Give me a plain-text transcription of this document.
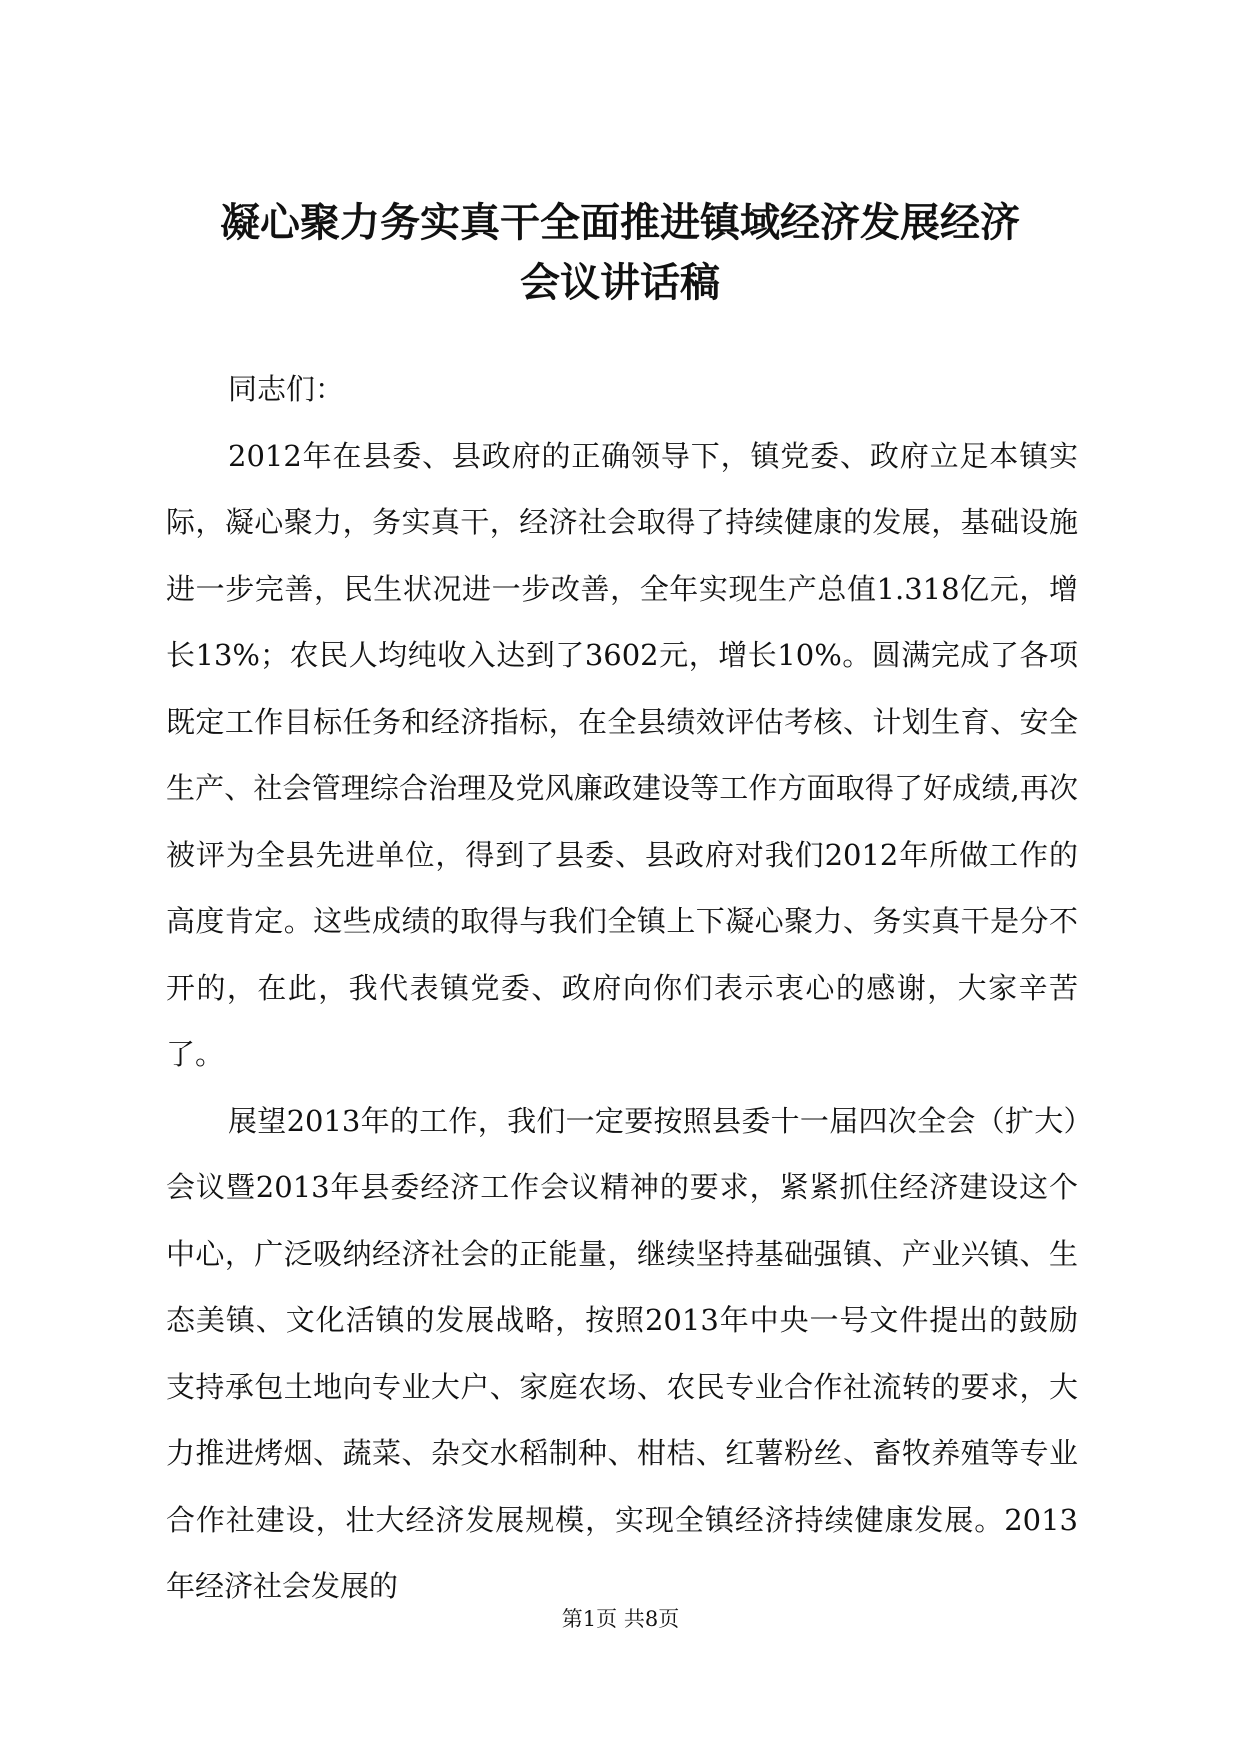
凝心聚力务实真干全面推进镇域经济发展经济
会议讲话稿

同志们：

2012年在县委、县政府的正确领导下，镇党委、政府立足本镇实际，凝心聚力，务实真干，经济社会取得了持续健康的发展，基础设施进一步完善，民生状况进一步改善，全年实现生产总值1.318亿元，增长13%；农民人均纯收入达到了3602元，增长10%。圆满完成了各项既定工作目标任务和经济指标，在全县绩效评估考核、计划生育、安全生产、社会管理综合治理及党风廉政建设等工作方面取得了好成绩,再次被评为全县先进单位，得到了县委、县政府对我们2012年所做工作的高度肯定。这些成绩的取得与我们全镇上下凝心聚力、务实真干是分不开的，在此，我代表镇党委、政府向你们表示衷心的感谢，大家辛苦了。

展望2013年的工作，我们一定要按照县委十一届四次全会（扩大）会议暨2013年县委经济工作会议精神的要求，紧紧抓住经济建设这个中心，广泛吸纳经济社会的正能量，继续坚持基础强镇、产业兴镇、生态美镇、文化活镇的发展战略，按照2013年中央一号文件提出的鼓励支持承包土地向专业大户、家庭农场、农民专业合作社流转的要求，大力推进烤烟、蔬菜、杂交水稻制种、柑桔、红薯粉丝、畜牧养殖等专业合作社建设，壮大经济发展规模，实现全镇经济持续健康发展。2013年经济社会发展的

第1页 共8页
